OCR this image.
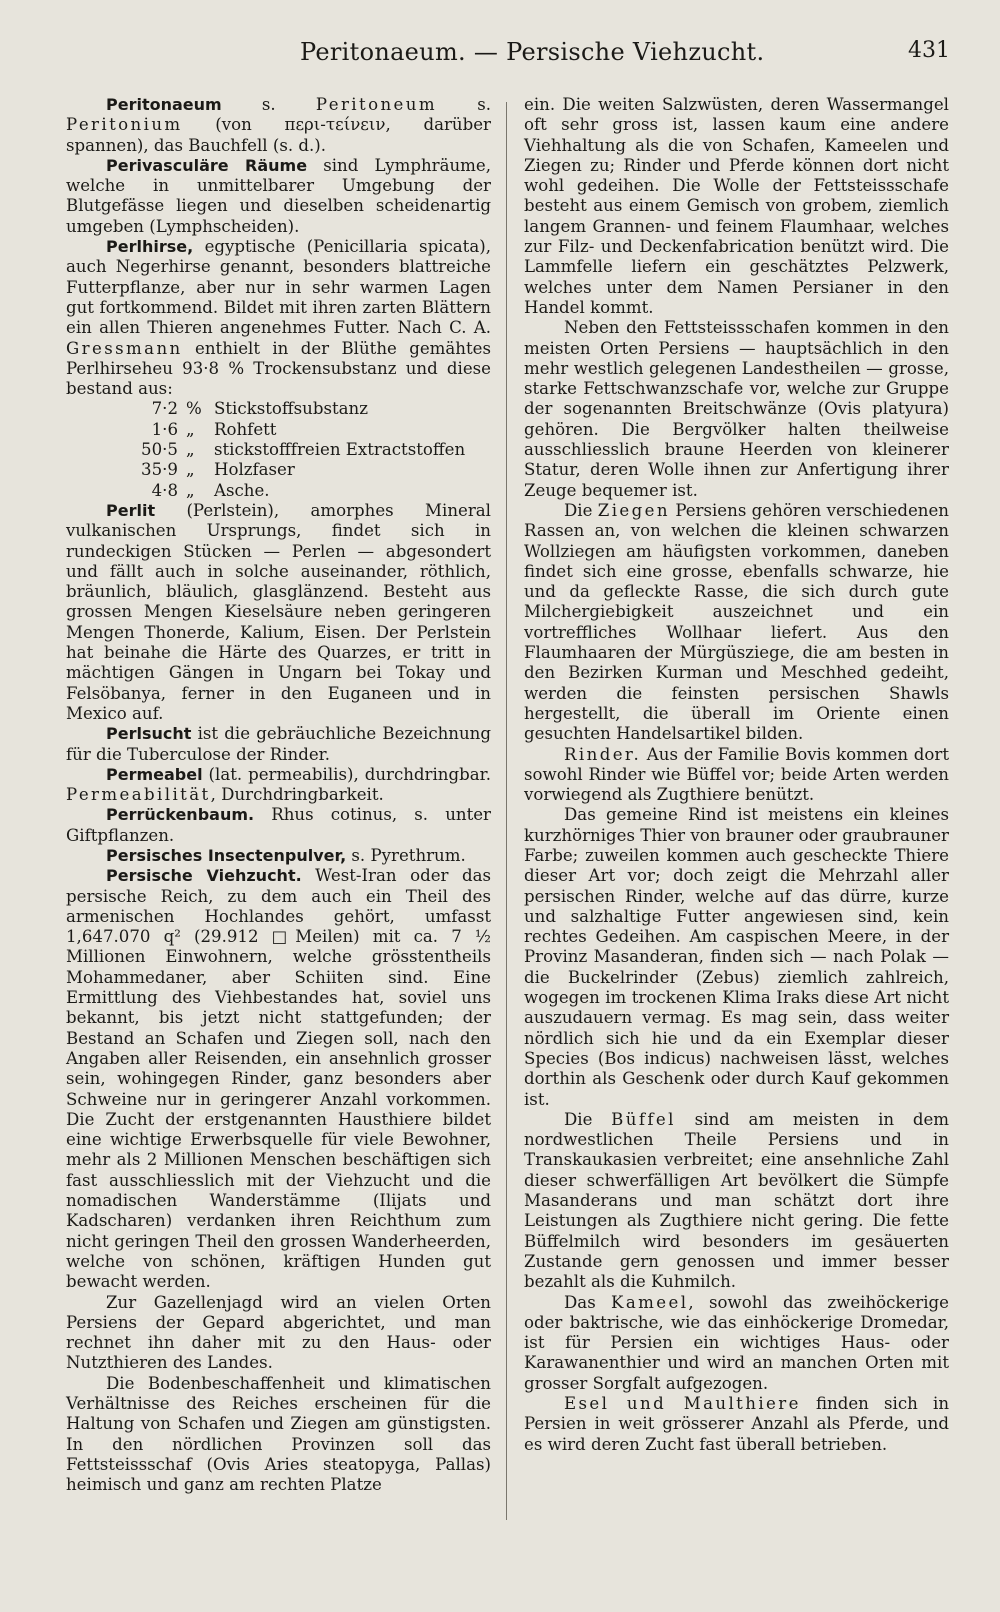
Peritonaeum. — Persische Viehzucht.	431

Peritonaeum s. Peritoneum s. Peritonium (von περι-τείνειν, darüber spannen), das Bauchfell (s. d.).

Perivasculäre Räume sind Lymphräume, welche in unmittelbarer Umgebung der Blutgefässe liegen und dieselben scheidenartig umgeben (Lymphscheiden).

Perlhirse, egyptische (Penicillaria spicata), auch Negerhirse genannt, besonders blattreiche Futterpflanze, aber nur in sehr warmen Lagen gut fortkommend. Bildet mit ihren zarten Blättern ein allen Thieren angenehmes Futter. Nach C. A. Gressmann enthielt in der Blüthe gemähtes Perlhirseheu 93·8 % Trockensubstanz und diese bestand aus:

7·2 % Stickstoffsubstanz
1·6 „	Rohfett
50·5 „	stickstofffreien Extractstoffen
35·9 „	Holzfaser
4·8 „	Asche.

Perlit (Perlstein), amorphes Mineral vulkanischen Ursprungs, findet sich in rundeckigen Stücken — Perlen — abgesondert und fällt auch in solche auseinander, röthlich, bräunlich, bläulich, glasglänzend. Besteht aus grossen Mengen Kieselsäure neben geringeren Mengen Thonerde, Kalium, Eisen. Der Perlstein hat beinahe die Härte des Quarzes, er tritt in mächtigen Gängen in Ungarn bei Tokay und Felsöbanya, ferner in den Euganeen und in Mexico auf.

Perlsucht ist die gebräuchliche Bezeichnung für die Tuberculose der Rinder.

Permeabel (lat. permeabilis), durchdringbar. Permeabilität, Durchdringbarkeit.

Perrückenbaum. Rhus cotinus, s. unter Giftpflanzen.

Persisches Insectenpulver, s. Pyrethrum.

Persische Viehzucht. West-Iran oder das persische Reich, zu dem auch ein Theil des armenischen Hochlandes gehört, umfasst 1,647.070 q² (29.912 □Meilen) mit ca. 7 ½ Millionen Einwohnern, welche grösstentheils Mohammedaner, aber Schiiten sind. Eine Ermittlung des Viehbestandes hat, soviel uns bekannt, bis jetzt nicht stattgefunden; der Bestand an Schafen und Ziegen soll, nach den Angaben aller Reisenden, ein ansehnlich grosser sein, wohingegen Rinder, ganz besonders aber Schweine nur in geringerer Anzahl vorkommen. Die Zucht der erstgenannten Hausthiere bildet eine wichtige Erwerbsquelle für viele Bewohner, mehr als 2 Millionen Menschen beschäftigen sich fast ausschliesslich mit der Viehzucht und die nomadischen Wanderstämme (Ilijats und Kadscharen) verdanken ihren Reichthum zum nicht geringen Theil den grossen Wanderheerden, welche von schönen, kräftigen Hunden gut bewacht werden.

Zur Gazellenjagd wird an vielen Orten Persiens der Gepard abgerichtet, und man rechnet ihn daher mit zu den Haus- oder Nutzthieren des Landes.

Die Bodenbeschaffenheit und klimatischen Verhältnisse des Reiches erscheinen für die Haltung von Schafen und Ziegen am günstigsten. In den nördlichen Provinzen soll das Fettsteissschaf (Ovis Aries steatopyga, Pallas) heimisch und ganz am rechten Platze

ein. Die weiten Salzwüsten, deren Wassermangel oft sehr gross ist, lassen kaum eine andere Viehhaltung als die von Schafen, Kameelen und Ziegen zu; Rinder und Pferde können dort nicht wohl gedeihen. Die Wolle der Fettsteissschafe besteht aus einem Gemisch von grobem, ziemlich langem Grannen- und feinem Flaumhaar, welches zur Filz- und Deckenfabrication benützt wird. Die Lammfelle liefern ein geschätztes Pelzwerk, welches unter dem Namen Persianer in den Handel kommt.

Neben den Fettsteissschafen kommen in den meisten Orten Persiens — hauptsächlich in den mehr westlich gelegenen Landestheilen — grosse, starke Fettschwanzschafe vor, welche zur Gruppe der sogenannten Breitschwänze (Ovis platyura) gehören. Die Bergvölker halten theilweise ausschliesslich braune Heerden von kleinerer Statur, deren Wolle ihnen zur Anfertigung ihrer Zeuge bequemer ist.

Die Ziegen Persiens gehören verschiedenen Rassen an, von welchen die kleinen schwarzen Wollziegen am häufigsten vorkommen, daneben findet sich eine grosse, ebenfalls schwarze, hie und da gefleckte Rasse, die sich durch gute Milchergiebigkeit auszeichnet und ein vortreffliches Wollhaar liefert. Aus den Flaumhaaren der Mürgüsziege, die am besten in den Bezirken Kurman und Meschhed gedeiht, werden die feinsten persischen Shawls hergestellt, die überall im Oriente einen gesuchten Handelsartikel bilden.

Rinder. Aus der Familie Bovis kommen dort sowohl Rinder wie Büffel vor; beide Arten werden vorwiegend als Zugthiere benützt.

Das gemeine Rind ist meistens ein kleines kurzhörniges Thier von brauner oder graubrauner Farbe; zuweilen kommen auch gescheckte Thiere dieser Art vor; doch zeigt die Mehrzahl aller persischen Rinder, welche auf das dürre, kurze und salzhaltige Futter angewiesen sind, kein rechtes Gedeihen. Am caspischen Meere, in der Provinz Masanderan, finden sich — nach Polak — die Buckelrinder (Zebus) ziemlich zahlreich, wogegen im trockenen Klima Iraks diese Art nicht auszudauern vermag. Es mag sein, dass weiter nördlich sich hie und da ein Exemplar dieser Species (Bos indicus) nachweisen lässt, welches dorthin als Geschenk oder durch Kauf gekommen ist.

Die Büffel sind am meisten in dem nordwestlichen Theile Persiens und in Transkaukasien verbreitet; eine ansehnliche Zahl dieser schwerfälligen Art bevölkert die Sümpfe Masanderans und man schätzt dort ihre Leistungen als Zugthiere nicht gering. Die fette Büffelmilch wird besonders im gesäuerten Zustande gern genossen und immer besser bezahlt als die Kuhmilch.

Das Kameel, sowohl das zweihöckerige oder baktrische, wie das einhöckerige Dromedar, ist für Persien ein wichtiges Haus- oder Karawanenthier und wird an manchen Orten mit grosser Sorgfalt aufgezogen.

Esel und Maulthiere finden sich in Persien in weit grösserer Anzahl als Pferde, und es wird deren Zucht fast überall betrieben.
